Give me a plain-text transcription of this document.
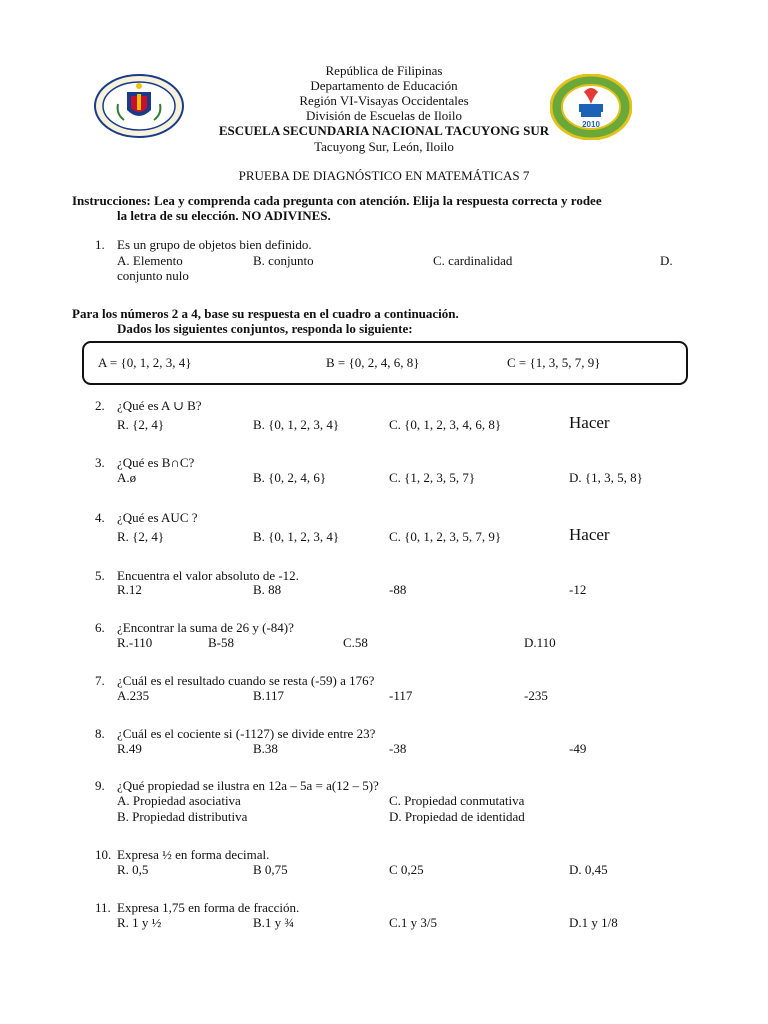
2010
República de Filipinas
Departamento de Educación
Región VI-Visayas Occidentales
División de Escuelas de Iloilo
ESCUELA SECUNDARIA NACIONAL TACUYONG SUR
Tacuyong Sur, León, Iloilo
PRUEBA DE DIAGNÓSTICO EN MATEMÁTICAS 7
Instrucciones: Lea y comprenda cada pregunta con atención. Elija la respuesta correcta y rodee
la letra de su elección. NO ADIVINES.
1. Es un grupo de objetos bien definido.
A. Elemento	B. conjunto	C. cardinalidad	D.
conjunto nulo
Para los números 2 a 4, base su respuesta en el cuadro a continuación.
Dados los siguientes conjuntos, responda lo siguiente:
A = {0, 1, 2, 3, 4}	B = {0, 2, 4, 6, 8}	C = {1, 3, 5, 7, 9}
2. ¿Qué es A ∪ B?
R. {2, 4}	B. {0, 1, 2, 3, 4}	C. {0, 1, 2, 3, 4, 6, 8}	Hacer
3. ¿Qué es B∩C?
A.ø	B. {0, 2, 4, 6}	C. {1, 2, 3, 5, 7}	D. {1, 3, 5, 8}
4. ¿Qué es AUC ?
R. {2, 4}	B. {0, 1, 2, 3, 4}	C. {0, 1, 2, 3, 5, 7, 9}	Hacer
5. Encuentra el valor absoluto de -12.
R.12	B. 88	-88	-12
6. ¿Encontrar la suma de 26 y (-84)?
R.-110	B-58	C.58	D.110
7. ¿Cuál es el resultado cuando se resta (-59) a 176?
A.235	B.117	-117	-235
8. ¿Cuál es el cociente si (-1127) se divide entre 23?
R.49	B.38	-38	-49
9. ¿Qué propiedad se ilustra en 12a – 5a = a(12 – 5)?
A. Propiedad asociativa	C. Propiedad conmutativa
B. Propiedad distributiva	D. Propiedad de identidad
10. Expresa ½ en forma decimal.
R. 0,5	B 0,75	C 0,25	D. 0,45
11. Expresa 1,75 en forma de fracción.
R. 1 y ½	B.1 y ¾	C.1 y 3/5	D.1 y 1/8
